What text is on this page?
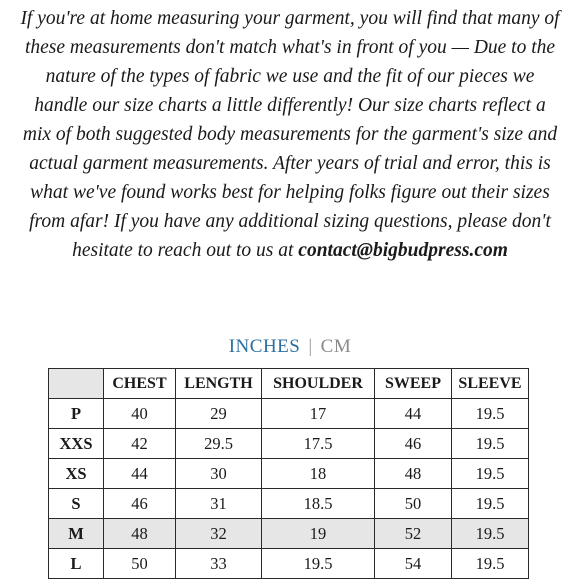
If you're at home measuring your garment, you will find that many of these measurements don't match what's in front of you — Due to the nature of the types of fabric we use and the fit of our pieces we handle our size charts a little differently! Our size charts reflect a mix of both suggested body measurements for the garment's size and actual garment measurements. After years of trial and error, this is what we've found works best for helping folks figure out their sizes from afar! If you have any additional sizing questions, please don't hesitate to reach out to us at contact@bigbudpress.com

INCHES | CM
	CHEST	LENGTH	SHOULDER	SWEEP	SLEEVE
P	40	29	17	44	19.5
XXS	42	29.5	17.5	46	19.5
XS	44	30	18	48	19.5
S	46	31	18.5	50	19.5
M	48	32	19	52	19.5
L	50	33	19.5	54	19.5
